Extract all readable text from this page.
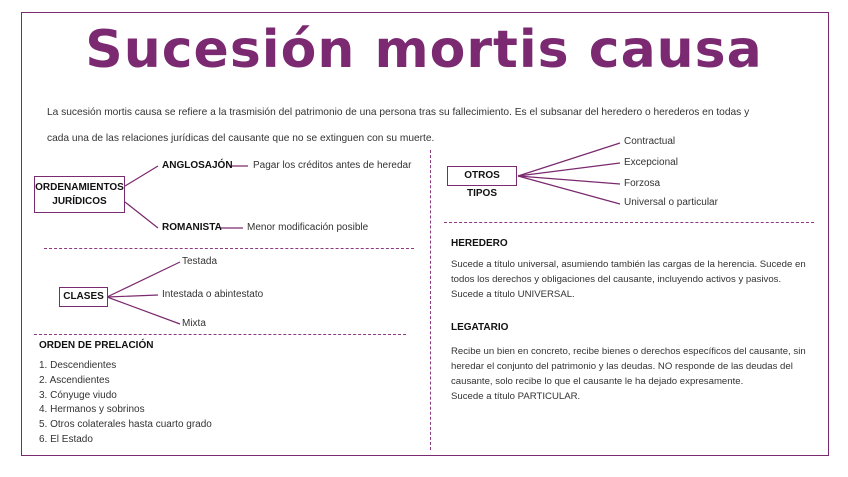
Sucesión mortis causa
La sucesión mortis causa se refiere a la trasmisión del patrimonio de una persona tras su fallecimiento. Es el subsanar del heredero o herederos en todas y
cada una de las relaciones jurídicas del causante que no se extinguen con su muerte.
ORDENAMIENTOS
JURÍDICOS
ANGLOSAJÓN Pagar los créditos antes de heredar
ROMANISTA	Menor modificación posible
CLASES
Testada
Intestada o abintestato
Mixta
ORDEN DE PRELACIÓN
1. Descendientes
2. Ascendientes
3. Cónyuge viudo
4. Hermanos y sobrinos
5. Otros colaterales hasta cuarto grado
6. El Estado
OTROS TIPOS
Contractual
Excepcional
Forzosa
Universal o particular
HEREDERO
Sucede a título universal, asumiendo también las cargas de la herencia. Sucede en
todos los derechos y obligaciones del causante, incluyendo activos y pasivos.
Sucede a título UNIVERSAL.
LEGATARIO
Recibe un bien en concreto, recibe bienes o derechos específicos del causante, sin
heredar el conjunto del patrimonio y las deudas. NO responde de las deudas del
causante, solo recibe lo que el causante le ha dejado expresamente.
Sucede a título PARTICULAR.
